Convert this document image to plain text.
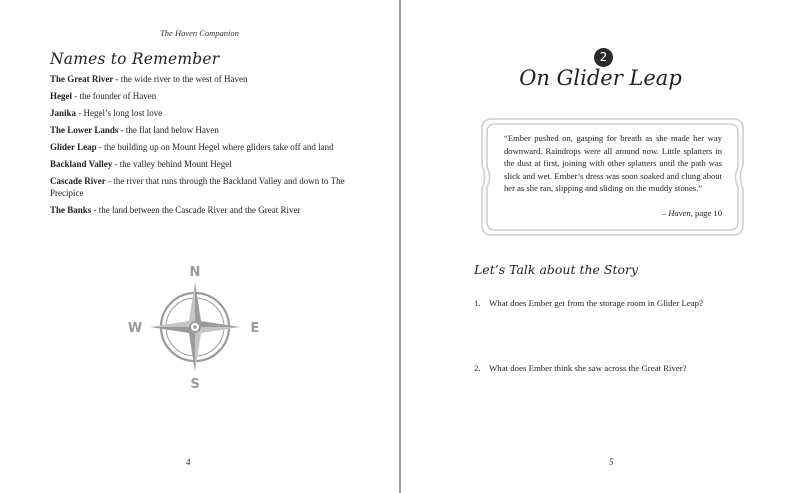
The Haven Companion
Names to Remember
The Great River - the wide river to the west of Haven
Hegel - the founder of Haven
Janika - Hegel’s long lost love
The Lower Lands - the flat land below Haven
Glider Leap - the building up on Mount Hegel where gliders take off and land
Backland Valley - the valley behind Mount Hegel
Cascade River - the river that runs through the Backland Valley and down to The Precipice
The Banks - the land between the Cascade River and the Great River
N
S
W	E
4
2
On Glider Leap

“Ember pushed on, gasping for breath as she made her way downward. Raindrops were all around now. Little splatters in the dust at first, joining with other splatters until the path was slick and wet. Ember’s dress was soon soaked and clung about her as she ran, slipping and sliding on the muddy stones.”

– Haven, page 10
Let’s Talk about the Story
1. What does Ember get from the storage room in Glider Leap?
2. What does Ember think she saw across the Great River?
5
